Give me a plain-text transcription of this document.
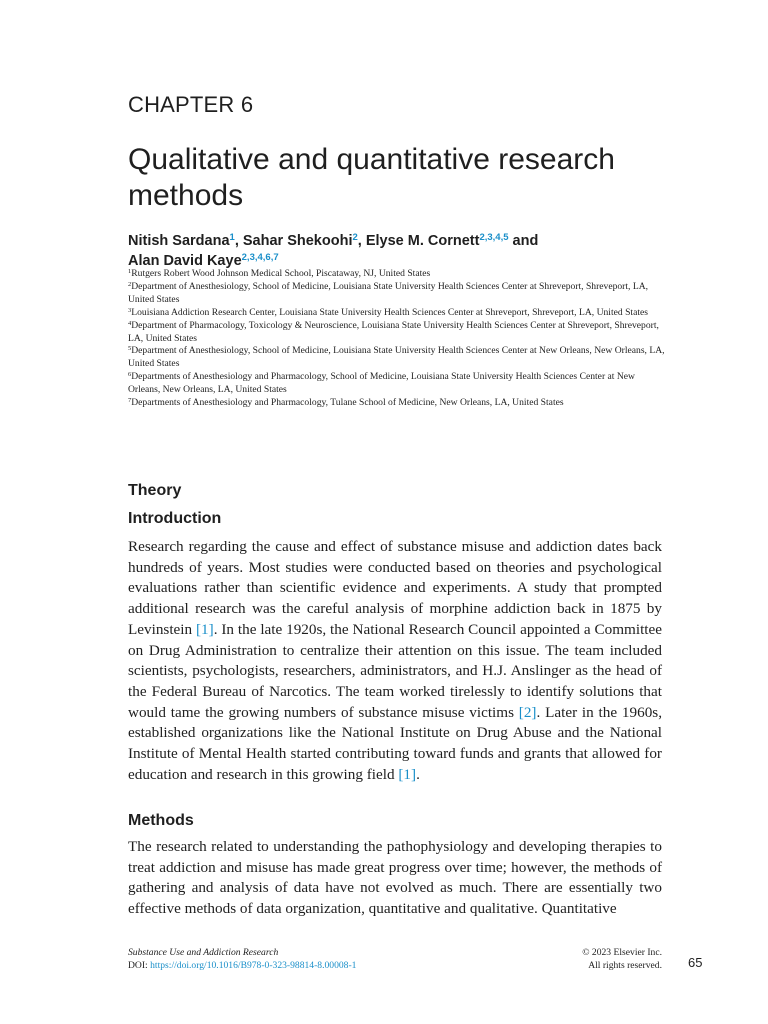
CHAPTER 6
Qualitative and quantitative research methods
Nitish Sardana$^1$, Sahar Shekoohi$^2$, Elyse M. Cornett$^{2,3,4,5}$ and
Alan David Kaye$^{2,3,4,6,7}$
$^1$Rutgers Robert Wood Johnson Medical School, Piscataway, NJ, United States
$^2$Department of Anesthesiology, School of Medicine, Louisiana State University Health Sciences Center at Shreveport, Shreveport, LA, United States
$^3$Louisiana Addiction Research Center, Louisiana State University Health Sciences Center at Shreveport, Shreveport, LA, United States
$^4$Department of Pharmacology, Toxicology & Neuroscience, Louisiana State University Health Sciences Center at Shreveport, Shreveport, LA, United States
$^5$Department of Anesthesiology, School of Medicine, Louisiana State University Health Sciences Center at New Orleans, New Orleans, LA, United States
$^6$Departments of Anesthesiology and Pharmacology, School of Medicine, Louisiana State University Health Sciences Center at New Orleans, New Orleans, LA, United States
$^7$Departments of Anesthesiology and Pharmacology, Tulane School of Medicine, New Orleans, LA, United States
Theory
Introduction

Research regarding the cause and effect of substance misuse and addiction dates back hundreds of years. Most studies were conducted based on theories and psychological evaluations rather than scientific evidence and experiments. A study that prompted additional research was the careful analysis of morphine addiction back in 1875 by Levinstein [1]. In the late 1920s, the National Research Council appointed a Committee on Drug Administration to centralize their attention on this issue. The team included scientists, psychologists, researchers, administrators, and H.J. Anslinger as the head of the Federal Bureau of Narcotics. The team worked tirelessly to identify solutions that would tame the growing numbers of substance misuse victims [2]. Later in the 1960s, established organizations like the National Institute on Drug Abuse and the National Institute of Mental Health started contributing toward funds and grants that allowed for education and research in this growing field [1].

Methods

The research related to understanding the pathophysiology and developing therapies to treat addiction and misuse has made great progress over time; however, the methods of gathering and analysis of data have not evolved as much. There are essentially two effective methods of data organization, quantitative and qualitative. Quantitative

Substance Use and Addiction Research
DOI: https://doi.org/10.1016/B978-0-323-98814-8.00008-1
© 2023 Elsevier Inc.
All rights reserved. 65
